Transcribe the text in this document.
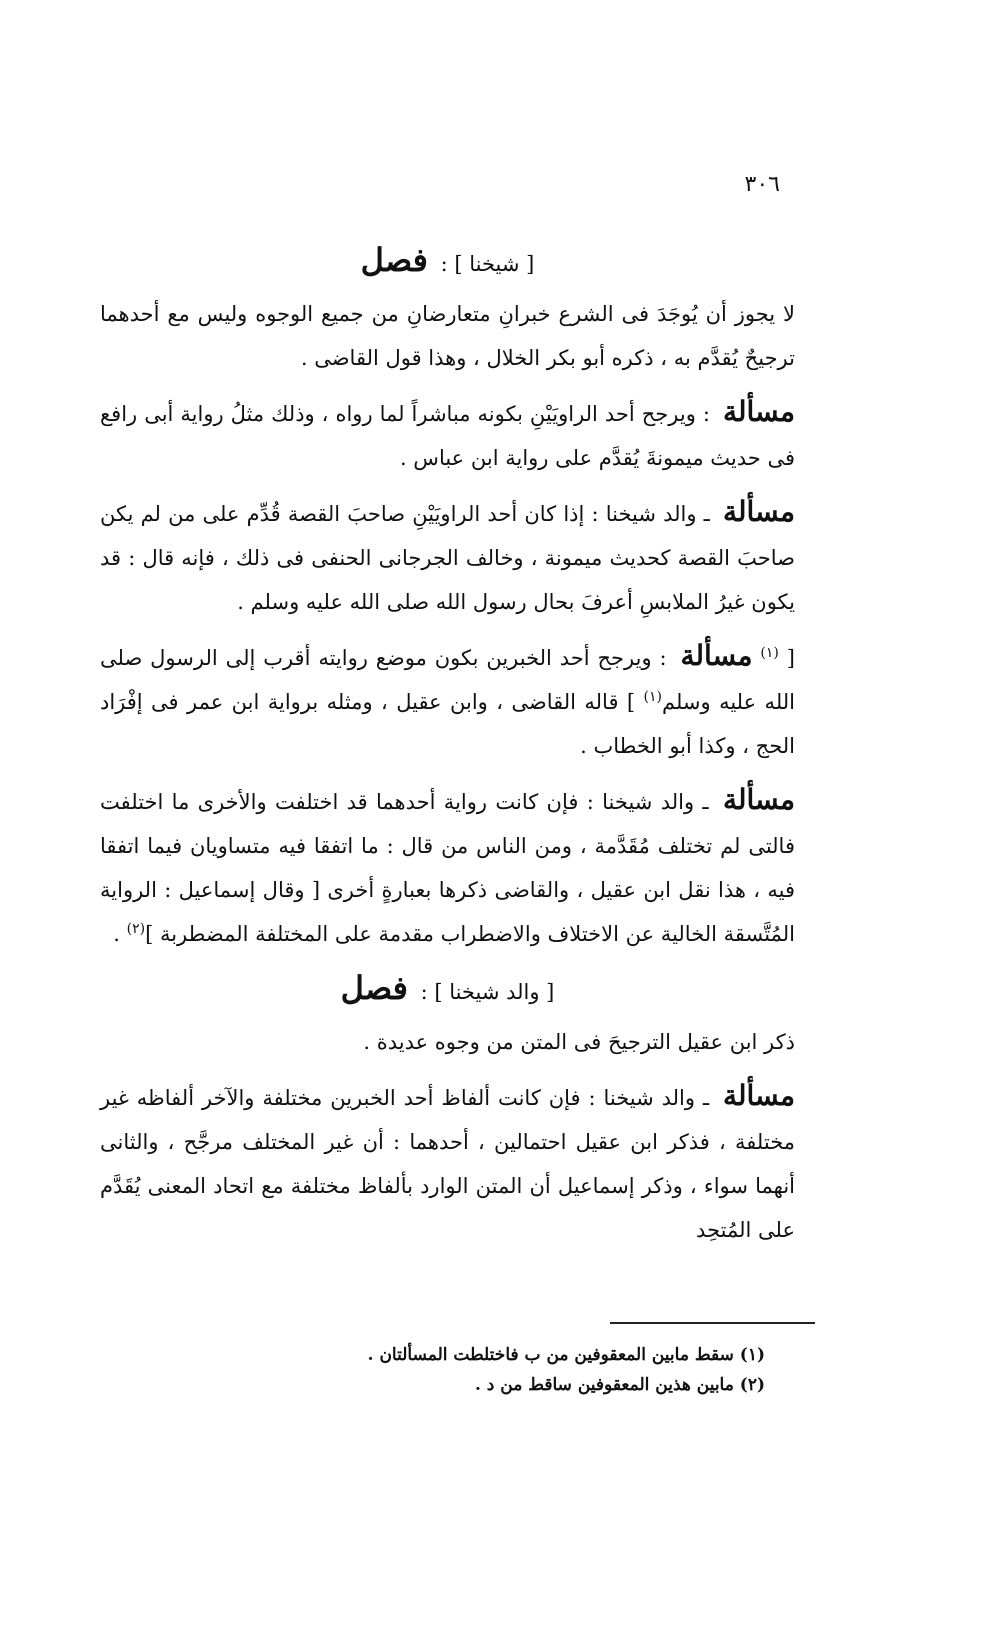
٣٠٦
[ شيخنا ] : فصل

لا يجوز أن يُوجَدَ فى الشرع خبرانِ متعارضانِ من جميع الوجوه وليس مع أحدهما ترجيحٌ يُقدَّم به ، ذكره أبو بكر الخلال ، وهذا قول القاضى .

مسألة : ويرجح أحد الراويَيْنِ بكونه مباشراً لما رواه ، وذلك مثلُ رواية أبى رافع فى حديث ميمونةَ يُقدَّم على رواية ابن عباس .

مسألة ـ والد شيخنا : إذا كان أحد الراويَيْنِ صاحبَ القصة قُدِّم على من لم يكن صاحبَ القصة كحديث ميمونة ، وخالف الجرجانى الحنفى فى ذلك ، فإنه قال : قد يكون غيرُ الملابسِ أعرفَ بحال رسول الله صلى الله عليه وسلم .

[ $^{(١)}$ مسألة : ويرجح أحد الخبرين بكون موضع روايته أقرب إلى الرسول صلى الله عليه وسلم$^{(١)}$ ] قاله القاضى ، وابن عقيل ، ومثله برواية ابن عمر فى إفْرَاد الحج ، وكذا أبو الخطاب .

مسألة ـ والد شيخنا : فإن كانت رواية أحدهما قد اختلفت والأخرى ما اختلفت فالتى لم تختلف مُقَدَّمة ، ومن الناس من قال : ما اتفقا فيه متساويان فيما اتفقا فيه ، هذا نقل ابن عقيل ، والقاضى ذكرها بعبارةٍ أخرى [ وقال إسماعيل : الرواية المُتَّسقة الخالية عن الاختلاف والاضطراب مقدمة على المختلفة المضطربة ]$^{(٢)}$ .

[ والد شيخنا ] : فصل

ذكر ابن عقيل الترجيحَ فى المتن من وجوه عديدة .

مسألة ـ والد شيخنا : فإن كانت ألفاظ أحد الخبرين مختلفة والآخر ألفاظه غير مختلفة ، فذكر ابن عقيل احتمالين ، أحدهما : أن غير المختلف مرجَّح ، والثانى أنهما سواء ، وذكر إسماعيل أن المتن الوارد بألفاظ مختلفة مع اتحاد المعنى يُقَدَّم على المُتحِد

(١) سقط مابين المعقوفين من ب فاختلطت المسألتان .
(٢) مابين هذين المعقوفين ساقط من د .
